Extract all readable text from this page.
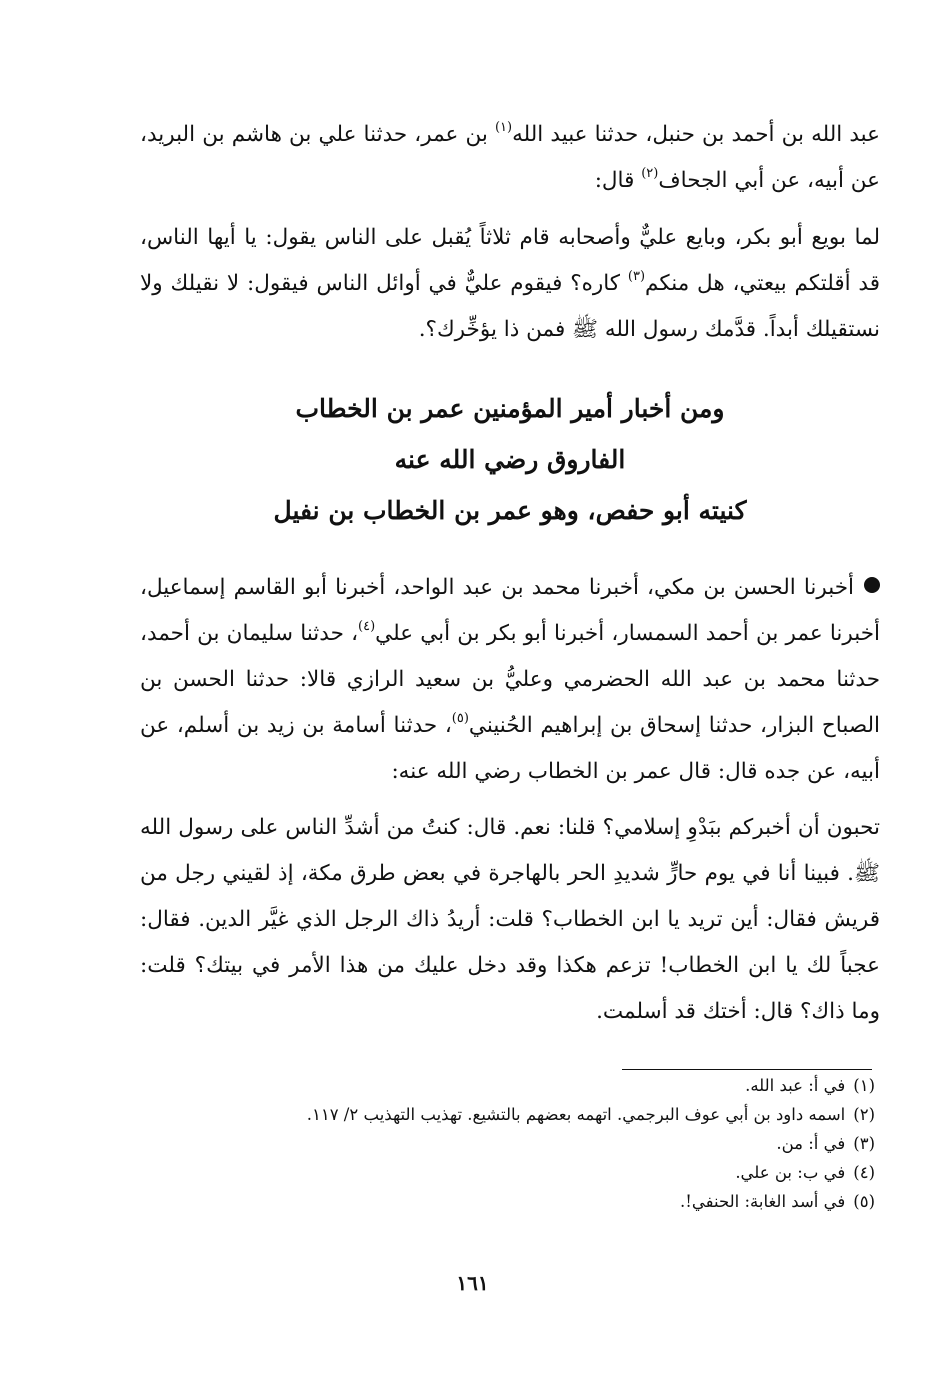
عبد الله بن أحمد بن حنبل، حدثنا عبيد الله$^{(١)}$ بن عمر، حدثنا علي بن هاشم بن البريد، عن أبيه، عن أبي الجحاف$^{(٢)}$ قال:

لما بويع أبو بكر، وبايع عليٌّ وأصحابه قام ثلاثاً يُقبل على الناس يقول: يا أيها الناس، قد أقلتكم بيعتي، هل منكم$^{(٣)}$ كاره؟ فيقوم عليٌّ في أوائل الناس فيقول: لا نقيلك ولا نستقيلك أبداً. قدَّمك رسول الله ﷺ فمن ذا يؤخِّرك؟.

ومن أخبار أمير المؤمنين عمر بن الخطاب

الفاروق رضي الله عنه

كنيته أبو حفص، وهو عمر بن الخطاب بن نفيل

أخبرنا الحسن بن مكي، أخبرنا محمد بن عبد الواحد، أخبرنا أبو القاسم إسماعيل، أخبرنا عمر بن أحمد السمسار، أخبرنا أبو بكر بن أبي علي$^{(٤)}$، حدثنا سليمان بن أحمد، حدثنا محمد بن عبد الله الحضرمي وعليُّ بن سعيد الرازي قالا: حدثنا الحسن بن الصباح البزار، حدثنا إسحاق بن إبراهيم الحُنيني$^{(٥)}$، حدثنا أسامة بن زيد بن أسلم، عن أبيه، عن جده قال: قال عمر بن الخطاب رضي الله عنه:

تحبون أن أخبركم ببَدْوِ إسلامي؟ قلنا: نعم. قال: كنتُ من أشدِّ الناس على رسول الله ﷺ. فبينا أنا في يوم حارٍّ شديدِ الحر بالهاجرة في بعض طرق مكة، إذ لقيني رجل من قريش فقال: أين تريد يا ابن الخطاب؟ قلت: أريدُ ذاك الرجل الذي غيَّر الدين. فقال: عجباً لك يا ابن الخطاب! تزعم هكذا وقد دخل عليك من هذا الأمر في بيتك؟ قلت: وما ذاك؟ قال: أختك قد أسلمت.

(١)في أ: عبد الله.

(٢)اسمه داود بن أبي عوف البرجمي. اتهمه بعضهم بالتشيع. تهذيب التهذيب ٢/ ١١٧.

(٣)في أ: من.

(٤)في ب: بن علي.

(٥)في أسد الغابة: الحنفي!.

١٦١
